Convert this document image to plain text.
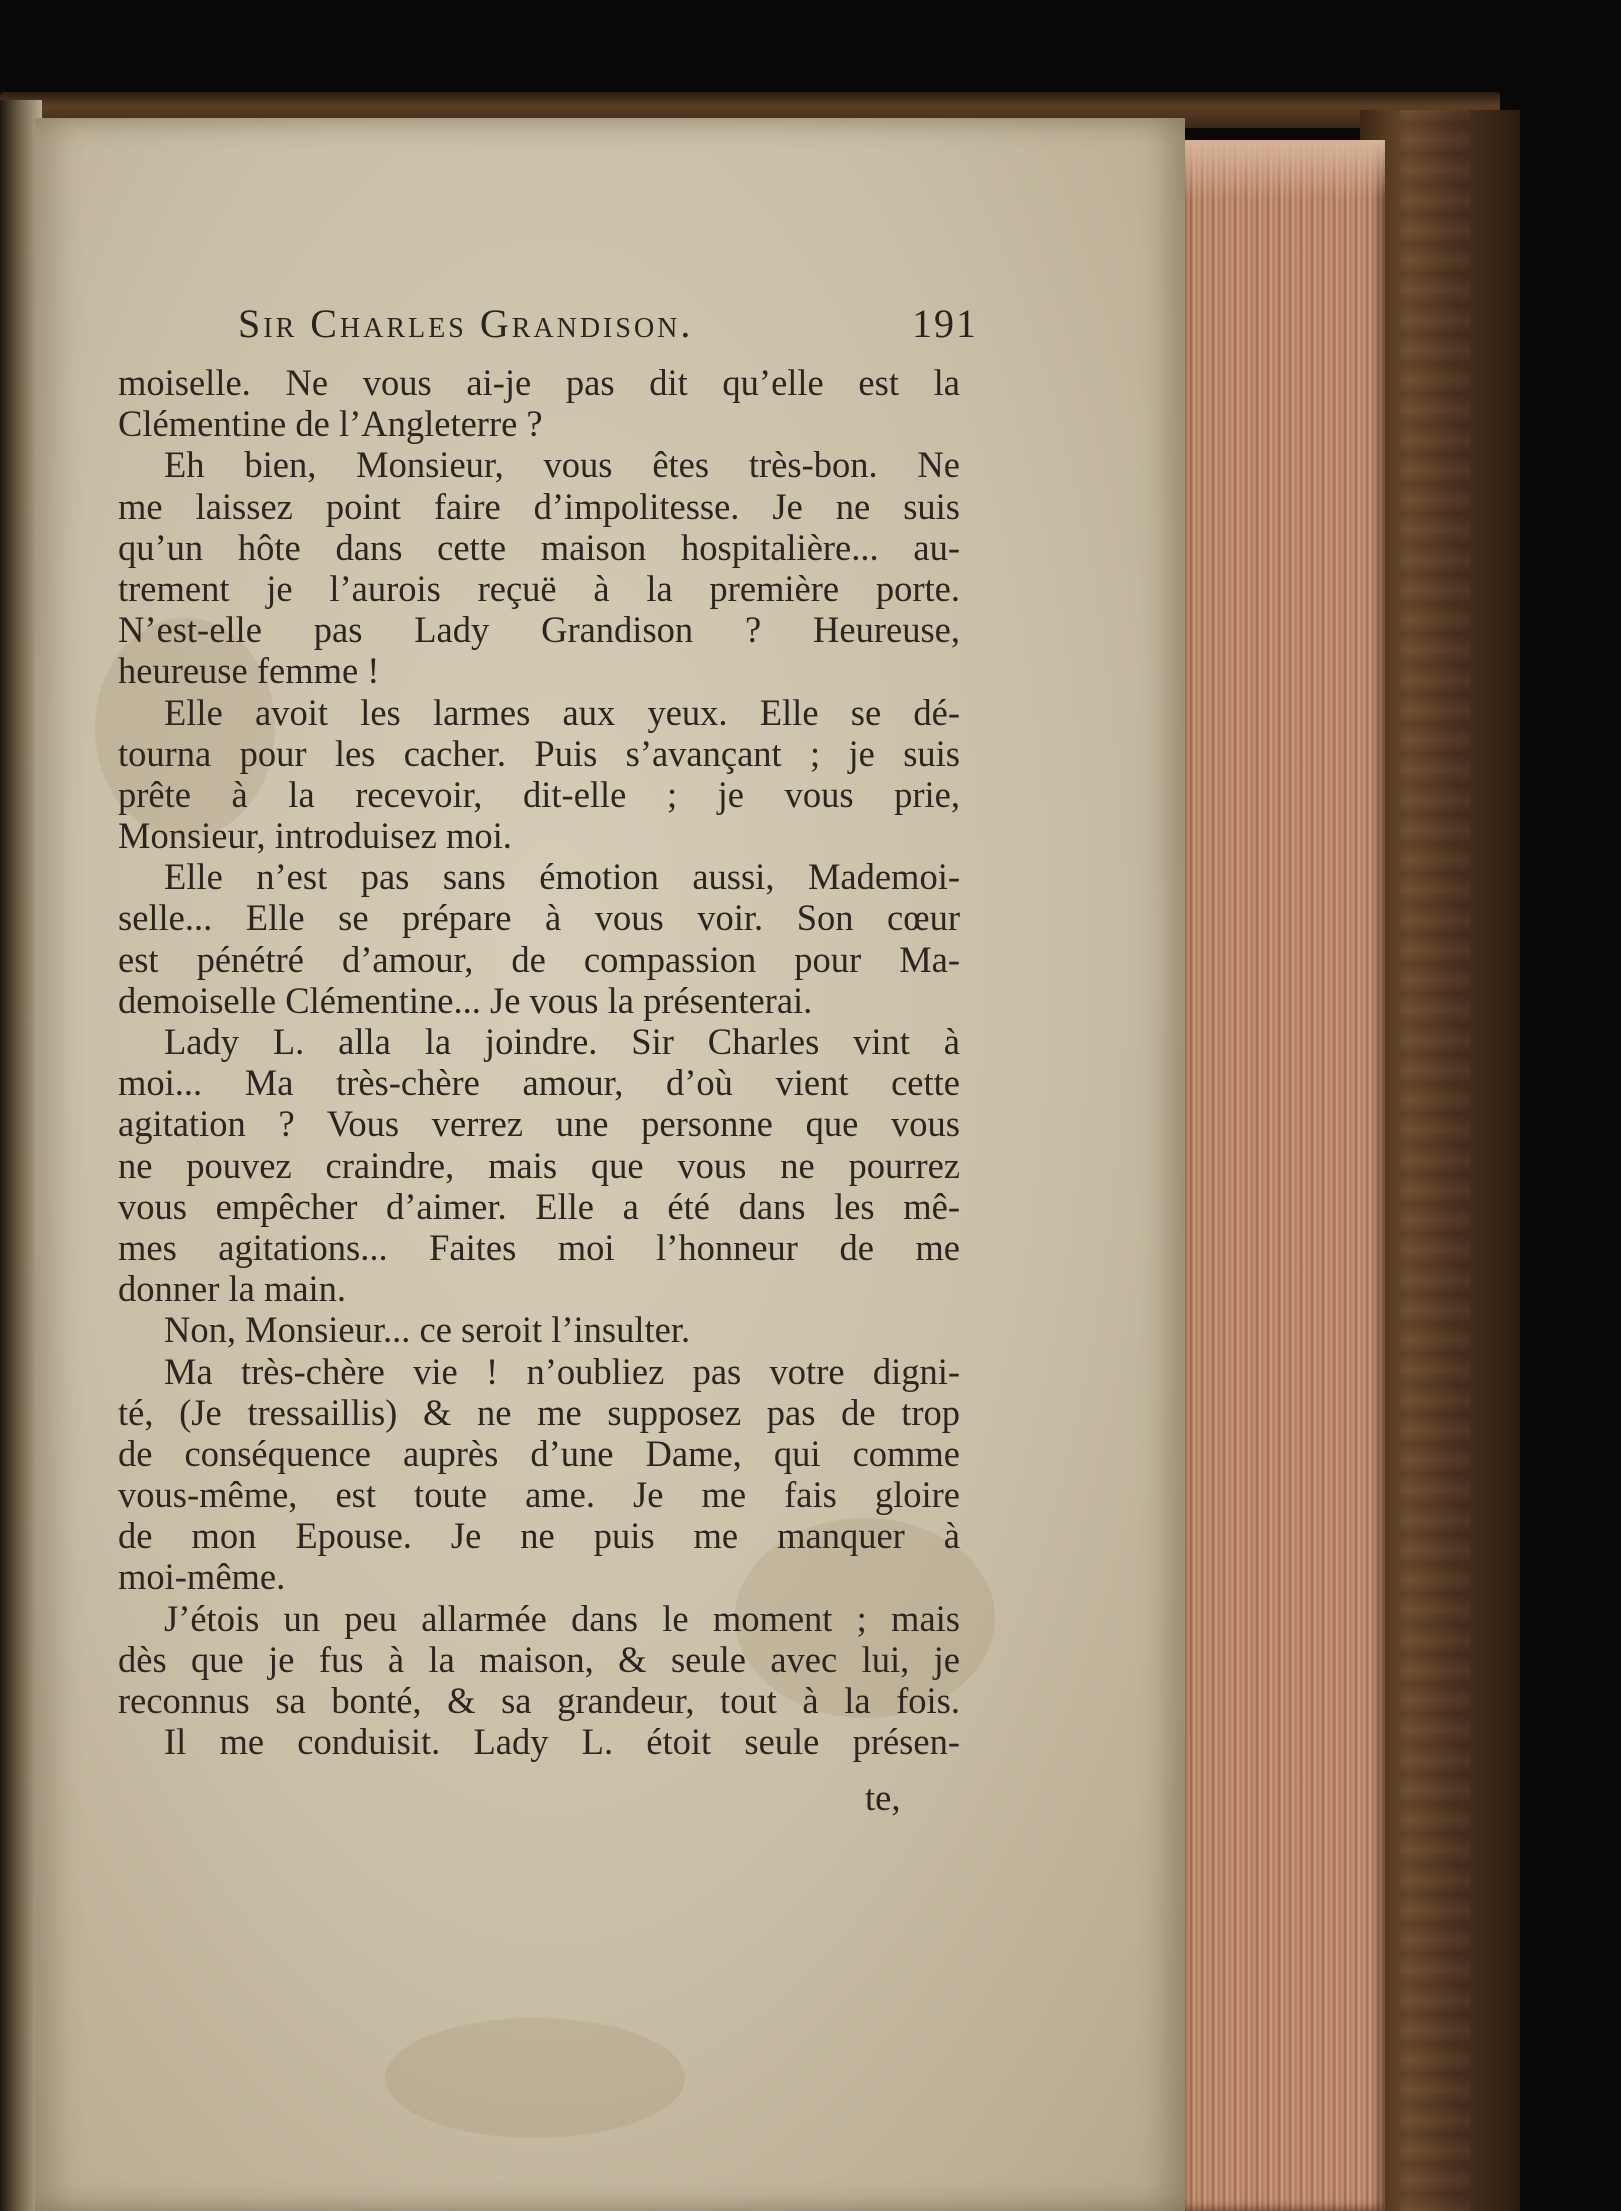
Sir Charles Grandison.	191
moiselle. Ne vous ai-je pas dit qu’elle est la
Clémentine de l’Angleterre ?
Eh bien, Monsieur, vous êtes très-bon. Ne
me laissez point faire d’impolitesse. Je ne suis
qu’un hôte dans cette maison hospitalière... au-
trement je l’aurois reçuë à la première porte.
N’est-elle pas Lady Grandison ? Heureuse,
heureuse femme !
Elle avoit les larmes aux yeux. Elle se dé-
tourna pour les cacher. Puis s’avançant ; je suis
prête à la recevoir, dit-elle ; je vous prie,
Monsieur, introduisez moi.
Elle n’est pas sans émotion aussi, Mademoi-
selle... Elle se prépare à vous voir. Son cœur
est pénétré d’amour, de compassion pour Ma-
demoiselle Clémentine... Je vous la présenterai.
Lady L. alla la joindre. Sir Charles vint à
moi... Ma très-chère amour, d’où vient cette
agitation ? Vous verrez une personne que vous
ne pouvez craindre, mais que vous ne pourrez
vous empêcher d’aimer. Elle a été dans les mê-
mes agitations... Faites moi l’honneur de me
donner la main.
Non, Monsieur... ce seroit l’insulter.
Ma très-chère vie ! n’oubliez pas votre digni-
té, (Je tressaillis) & ne me supposez pas de trop
de conséquence auprès d’une Dame, qui comme
vous-même, est toute ame. Je me fais gloire
de mon Epouse. Je ne puis me manquer à
moi-même.
J’étois un peu allarmée dans le moment ; mais
dès que je fus à la maison, & seule avec lui, je
reconnus sa bonté, & sa grandeur, tout à la fois.
Il me conduisit. Lady L. étoit seule présen-
te,
